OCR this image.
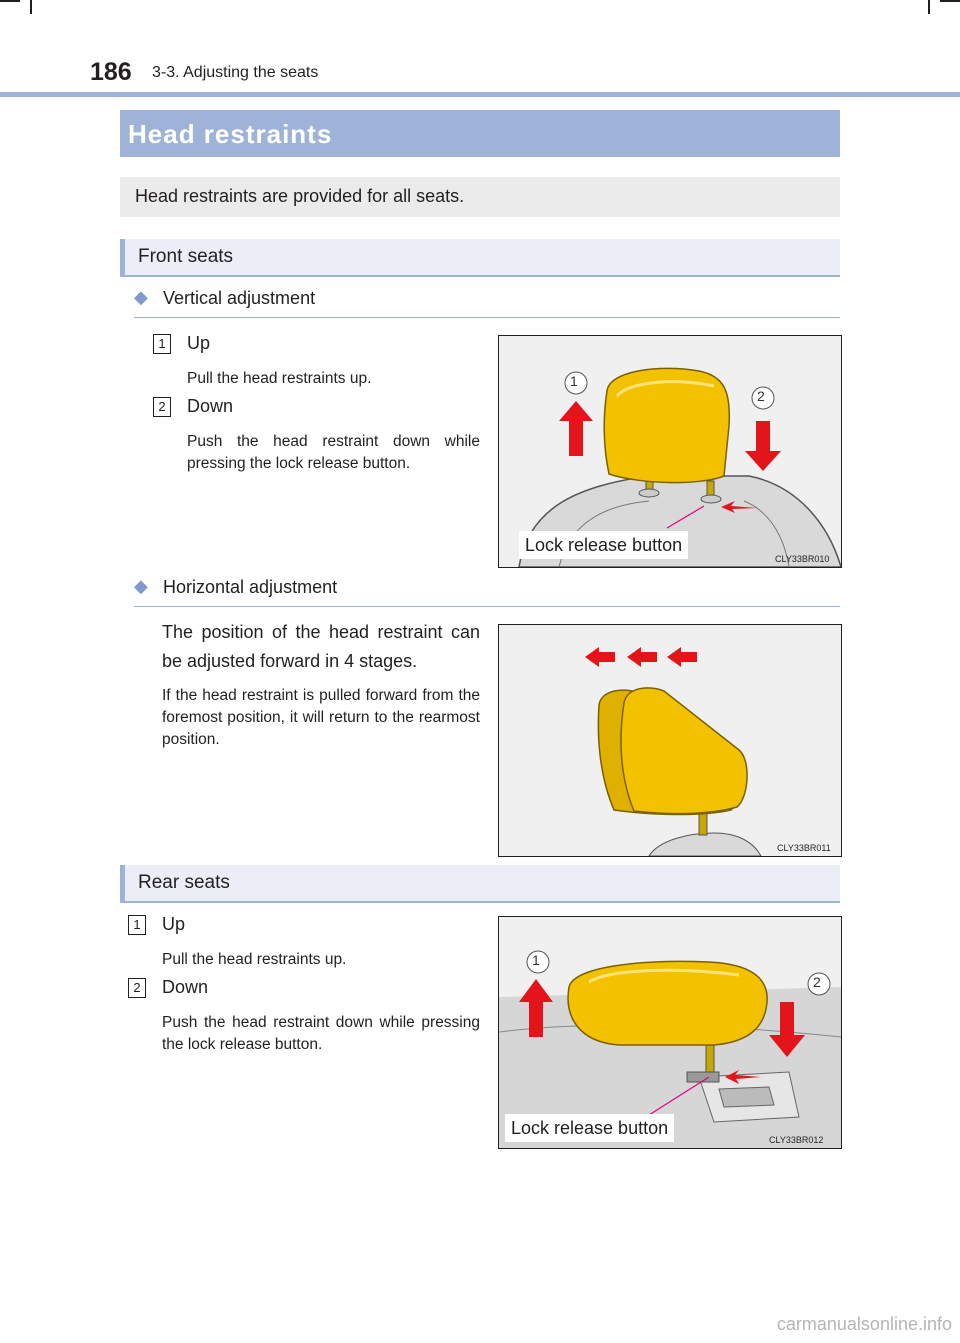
186 3-3. Adjusting the seats
Head restraints
Head restraints are provided for all seats.
Front seats
◆ Vertical adjustment
1 Up
Pull the head restraints up.
2 Down
Push the head restraint down while pressing the lock release button.
1
2
Lock release button
CLY33BR010
◆ Horizontal adjustment
The position of the head restraint can be adjusted forward in 4 stages.
If the head restraint is pulled forward from the foremost position, it will return to the rearmost position.
CLY33BR011
Rear seats
1 Up
Pull the head restraints up.
2 Down
Push the head restraint down while pressing the lock release button.
1
2
Lock release button
CLY33BR012
carmanualsonline.info
